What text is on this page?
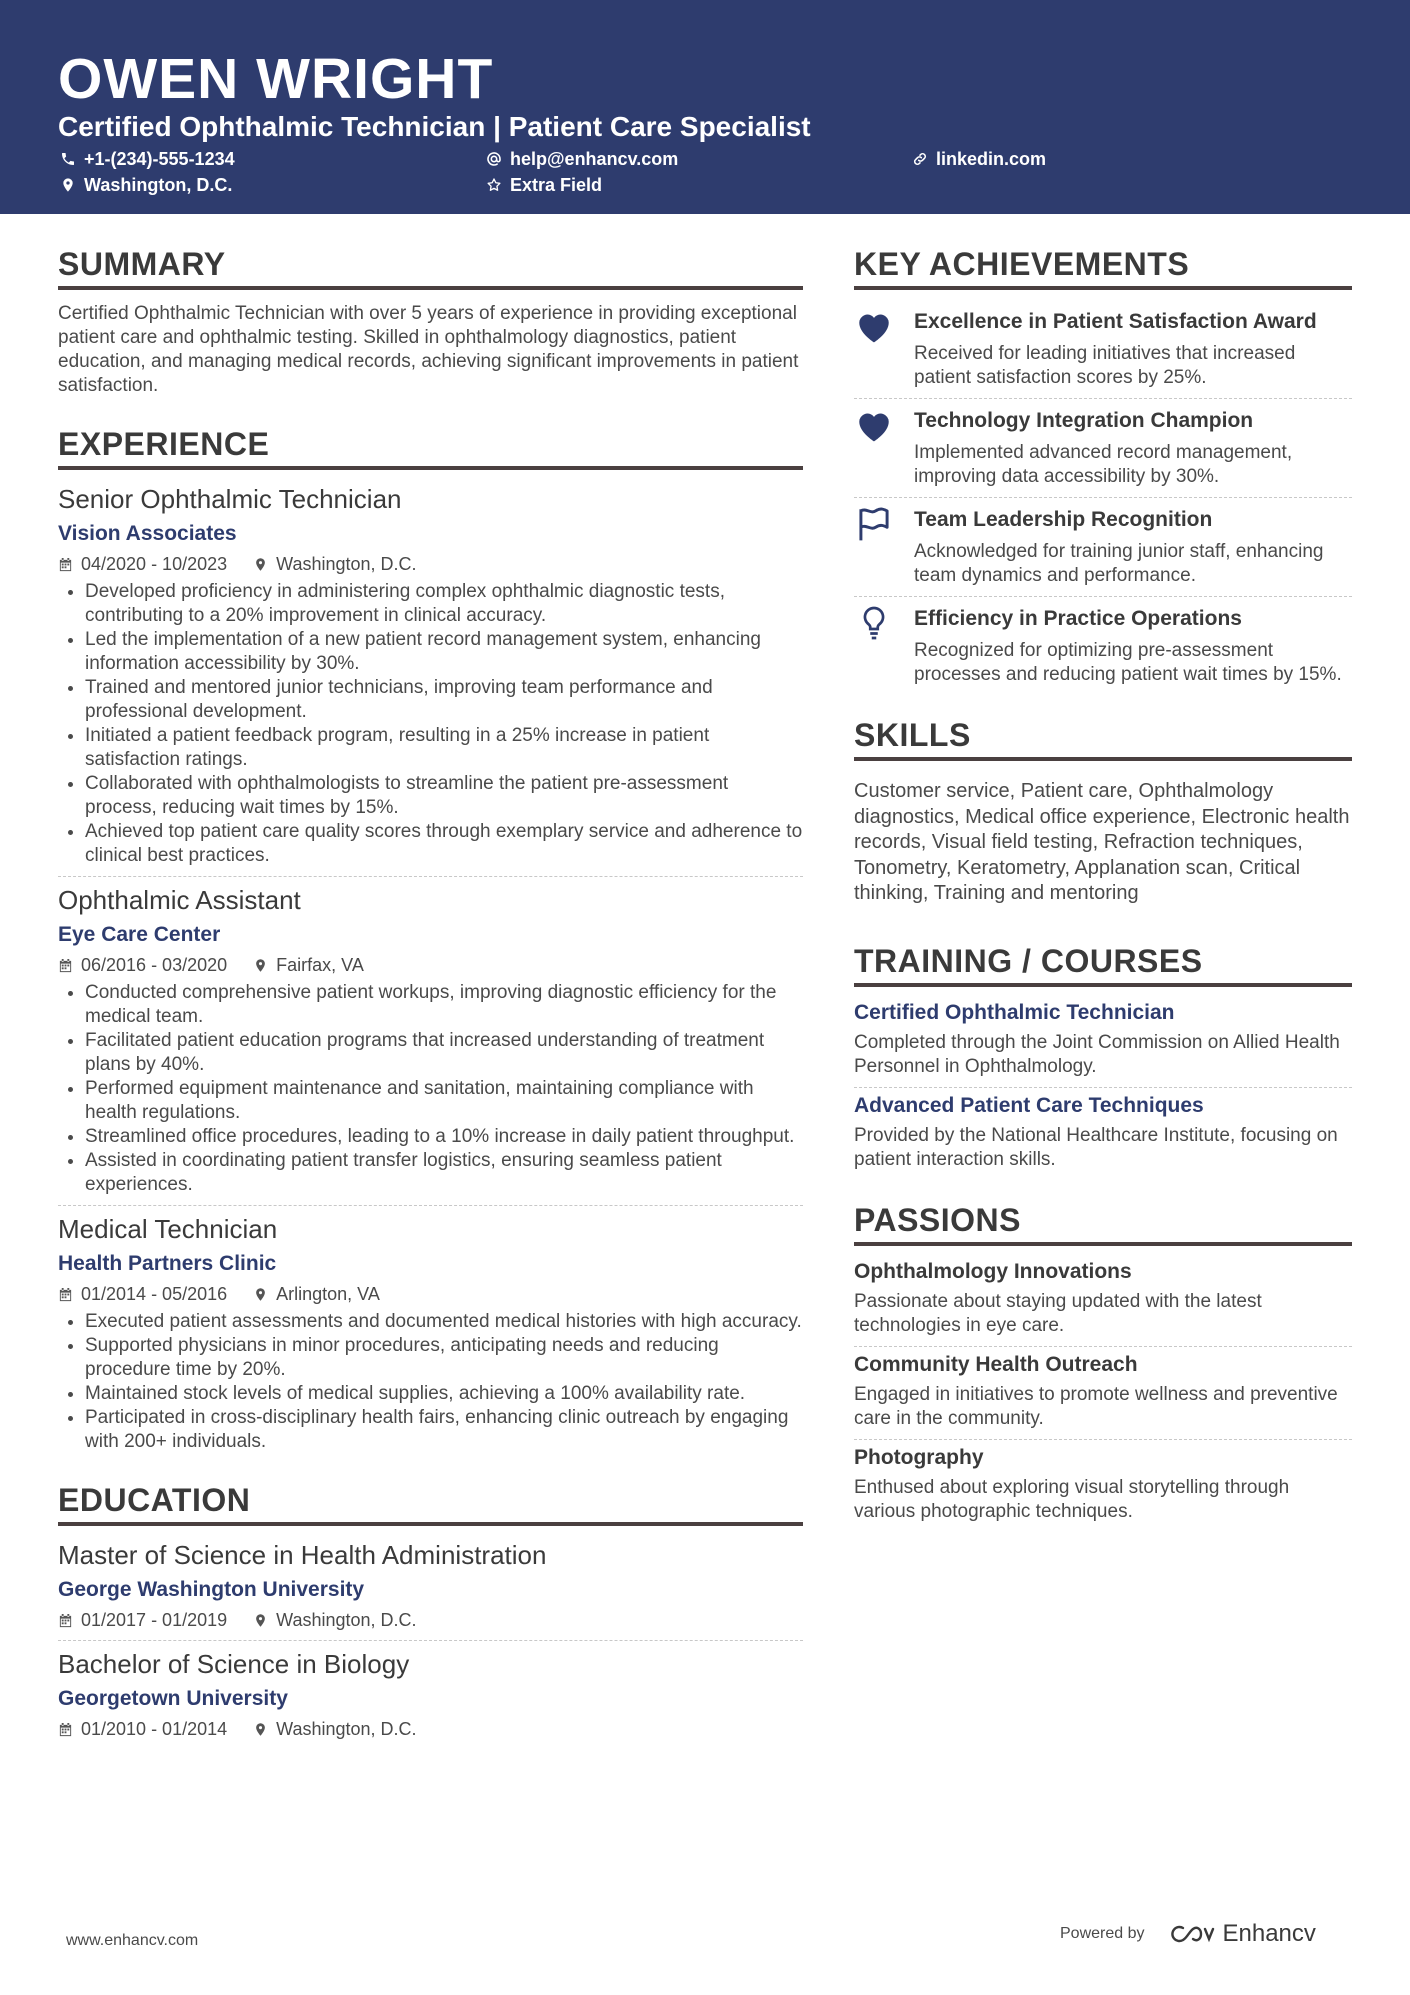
OWEN WRIGHT
Certified Ophthalmic Technician | Patient Care Specialist
+1-(234)-555-1234	help@enhancv.com	linkedin.com
Washington, D.C.	Extra Field
SUMMARY
Certified Ophthalmic Technician with over 5 years of experience in providing exceptional patient care and ophthalmic testing. Skilled in ophthalmology diagnostics, patient education, and managing medical records, achieving significant improvements in patient satisfaction.
EXPERIENCE
Senior Ophthalmic Technician
Vision Associates
04/2020 - 10/2023	Washington, D.C.
• Developed proficiency in administering complex ophthalmic diagnostic tests, contributing to a 20% improvement in clinical accuracy.
• Led the implementation of a new patient record management system, enhancing information accessibility by 30%.
• Trained and mentored junior technicians, improving team performance and professional development.
• Initiated a patient feedback program, resulting in a 25% increase in patient satisfaction ratings.
• Collaborated with ophthalmologists to streamline the patient pre-assessment process, reducing wait times by 15%.
• Achieved top patient care quality scores through exemplary service and adherence to clinical best practices.
Ophthalmic Assistant
Eye Care Center
06/2016 - 03/2020	Fairfax, VA
• Conducted comprehensive patient workups, improving diagnostic efficiency for the medical team.
• Facilitated patient education programs that increased understanding of treatment plans by 40%.
• Performed equipment maintenance and sanitation, maintaining compliance with health regulations.
• Streamlined office procedures, leading to a 10% increase in daily patient throughput.
• Assisted in coordinating patient transfer logistics, ensuring seamless patient experiences.
Medical Technician
Health Partners Clinic
01/2014 - 05/2016	Arlington, VA
• Executed patient assessments and documented medical histories with high accuracy.
• Supported physicians in minor procedures, anticipating needs and reducing procedure time by 20%.
• Maintained stock levels of medical supplies, achieving a 100% availability rate.
• Participated in cross-disciplinary health fairs, enhancing clinic outreach by engaging with 200+ individuals.
EDUCATION
Master of Science in Health Administration
George Washington University
01/2017 - 01/2019	Washington, D.C.
Bachelor of Science in Biology
Georgetown University
01/2010 - 01/2014	Washington, D.C.
KEY ACHIEVEMENTS
Excellence in Patient Satisfaction Award
Received for leading initiatives that increased patient satisfaction scores by 25%.
Technology Integration Champion
Implemented advanced record management, improving data accessibility by 30%.
Team Leadership Recognition
Acknowledged for training junior staff, enhancing team dynamics and performance.
Efficiency in Practice Operations
Recognized for optimizing pre-assessment processes and reducing patient wait times by 15%.
SKILLS
Customer service, Patient care, Ophthalmology diagnostics, Medical office experience, Electronic health records, Visual field testing, Refraction techniques, Tonometry, Keratometry, Applanation scan, Critical thinking, Training and mentoring
TRAINING / COURSES
Certified Ophthalmic Technician
Completed through the Joint Commission on Allied Health Personnel in Ophthalmology.
Advanced Patient Care Techniques
Provided by the National Healthcare Institute, focusing on patient interaction skills.
PASSIONS
Ophthalmology Innovations
Passionate about staying updated with the latest technologies in eye care.
Community Health Outreach
Engaged in initiatives to promote wellness and preventive care in the community.
Photography
Enthused about exploring visual storytelling through various photographic techniques.
www.enhancv.com	Powered by	Enhancv
